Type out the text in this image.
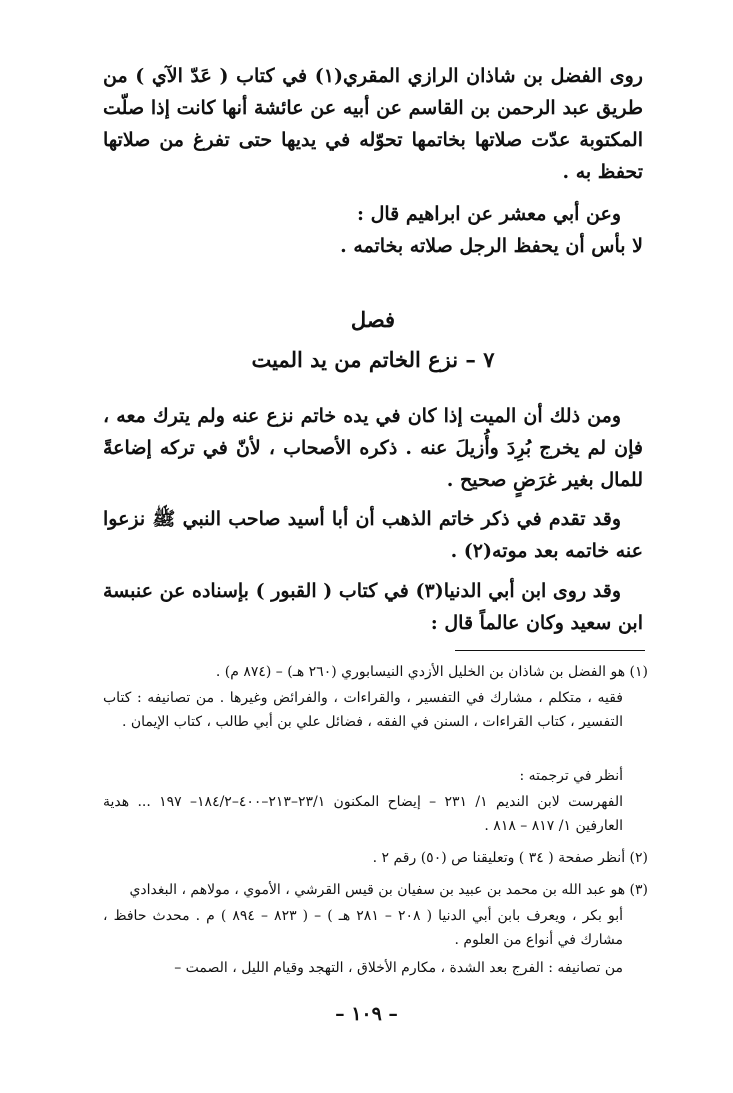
روى الفضل بن شاذان الرازي المقري(١) في كتاب ( عَدّ الآي ) من طريق عبد الرحمن بن القاسم عن أبيه عن عائشة أنها كانت إذا صلّت المكتوبة عدّت صلاتها بخاتمها تحوّله في يديها حتى تفرغ من صلاتها تحفظ به .

وعن أبي معشر عن ابراهيم قال :
لا بأس أن يحفظ الرجل صلاته بخاتمه .

فصل
٧ – نزع الخاتم من يد الميت

ومن ذلك أن الميت إذا كان في يده خاتم نزع عنه ولم يترك معه ، فإن لم يخرج بُرِدَ وأُزيلَ عنه . ذكره الأصحاب ، لأنّ في تركه إضاعةً للمال بغير غرَضٍ صحيح .

وقد تقدم في ذكر خاتم الذهب أن أبا أسيد صاحب النبي ﷺ نزعوا عنه خاتمه بعد موته(٢) .

وقد روى ابن أبي الدنيا(٣) في كتاب ( القبور ) بإسناده عن عنبسة ابن سعيد وكان عالماً قال :

(١) هو الفضل بن شاذان بن الخليل الأزدي النيسابوري (٢٦٠ هـ) – (٨٧٤ م) .

فقيه ، متكلم ، مشارك في التفسير ، والقراءات ، والفرائض وغيرها . من تصانيفه : كتاب التفسير ، كتاب القراءات ، السنن في الفقه ، فضائل علي بن أبي طالب ، كتاب الإيمان .

أنظر في ترجمته :

الفهرست لابن النديم ١/ ٢٣١ – إيضاح المكنون ٢٣/١–٢١٣–٤٠٠–١٨٤/٢– ١٩٧ ... هدية العارفين ١/ ٨١٧ – ٨١٨ .

(٢) أنظر صفحة ( ٣٤ ) وتعليقنا ص (٥٠) رقم ٢ .

(٣) هو عبد الله بن محمد بن عبيد بن سفيان بن قيس القرشي ، الأموي ، مولاهم ، البغدادي

أبو بكر ، ويعرف بابن أبي الدنيا ( ٢٠٨ – ٢٨١ هـ ) – ( ٨٢٣ – ٨٩٤ ) م . محدث حافظ ، مشارك في أنواع من العلوم .

من تصانيفه : الفرج بعد الشدة ، مكارم الأخلاق ، التهجد وقيام الليل ، الصمت –

– ١٠٩ –
